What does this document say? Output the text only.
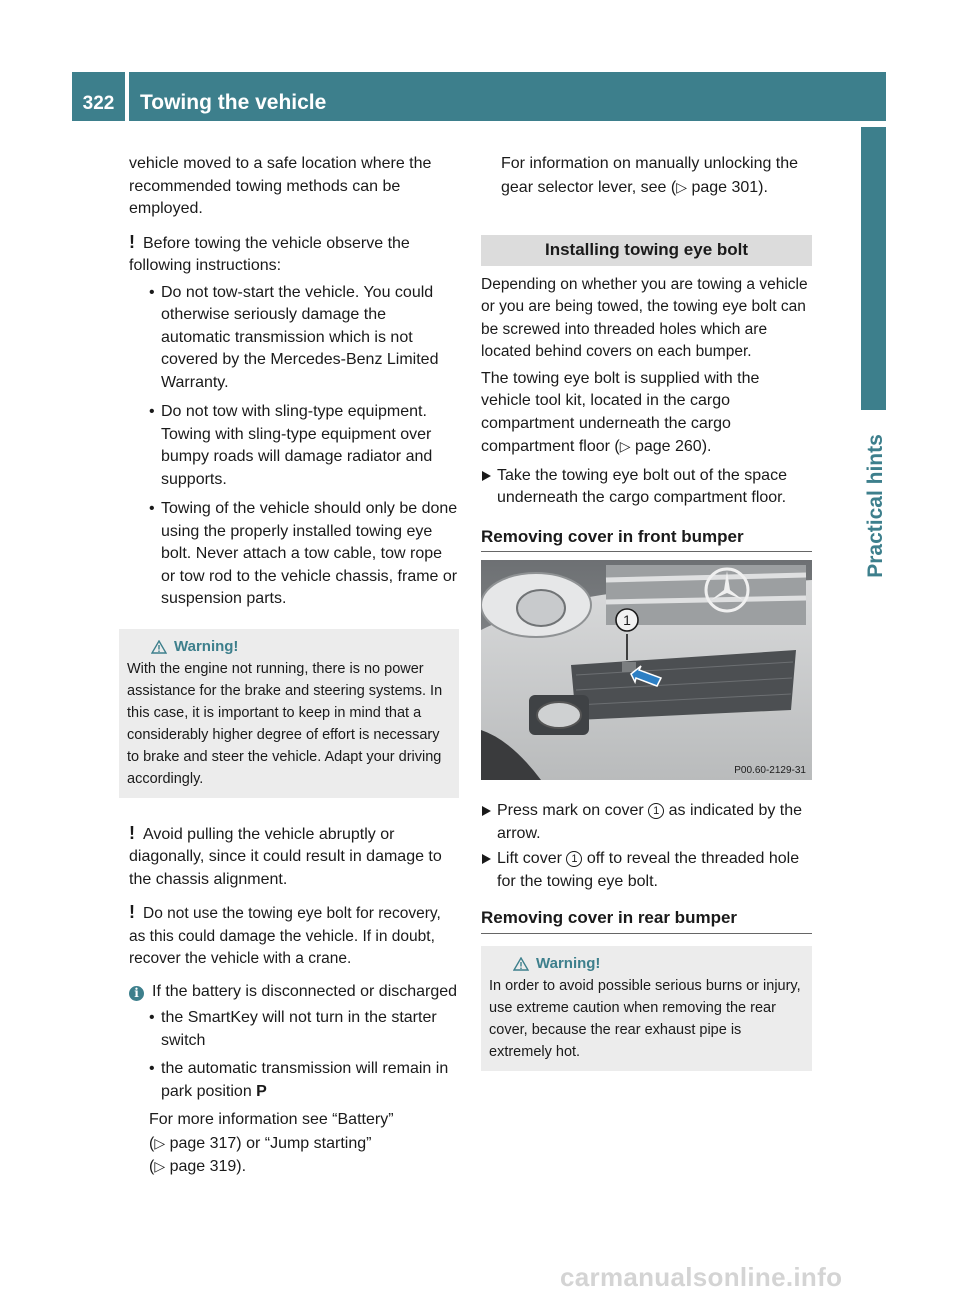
322	Towing the vehicle
Practical hints

vehicle moved to a safe location where the recommended towing methods can be employed.

! Before towing the vehicle observe the following instructions:

• Do not tow-start the vehicle. You could otherwise seriously damage the automatic transmission which is not covered by the Mercedes-Benz Limited Warranty.

• Do not tow with sling-type equipment. Towing with sling-type equipment over bumpy roads will damage radiator and supports.

• Towing of the vehicle should only be done using the properly installed towing eye bolt. Never attach a tow cable, tow rope or tow rod to the vehicle chassis, frame or suspension parts.

Warning!
With the engine not running, there is no power assistance for the brake and steering systems. In this case, it is important to keep in mind that a considerably higher degree of effort is necessary to brake and steer the vehicle. Adapt your driving accordingly.

! Avoid pulling the vehicle abruptly or diagonally, since it could result in damage to the chassis alignment.

! Do not use the towing eye bolt for recovery, as this could damage the vehicle. If in doubt, recover the vehicle with a crane.

i If the battery is disconnected or discharged

• the SmartKey will not turn in the starter switch

• the automatic transmission will remain in park position P

For more information see “Battery”
(▷ page 317) or “Jump starting”
(▷ page 319).

For information on manually unlocking the gear selector lever, see (▷ page 301).

Installing towing eye bolt

Depending on whether you are towing a vehicle or you are being towed, the towing eye bolt can be screwed into threaded holes which are located behind covers on each bumper.

The towing eye bolt is supplied with the vehicle tool kit, located in the cargo compartment underneath the cargo compartment floor (▷ page 260).

Take the towing eye bolt out of the space underneath the cargo compartment floor.

Removing cover in front bumper
1
P00.60-2129-31

Press mark on cover 1 as indicated by the arrow.

Lift cover 1 off to reveal the threaded hole for the towing eye bolt.

Removing cover in rear bumper
Warning!
In order to avoid possible serious burns or injury, use extreme caution when removing the rear cover, because the rear exhaust pipe is extremely hot.
carmanualsonline.info
